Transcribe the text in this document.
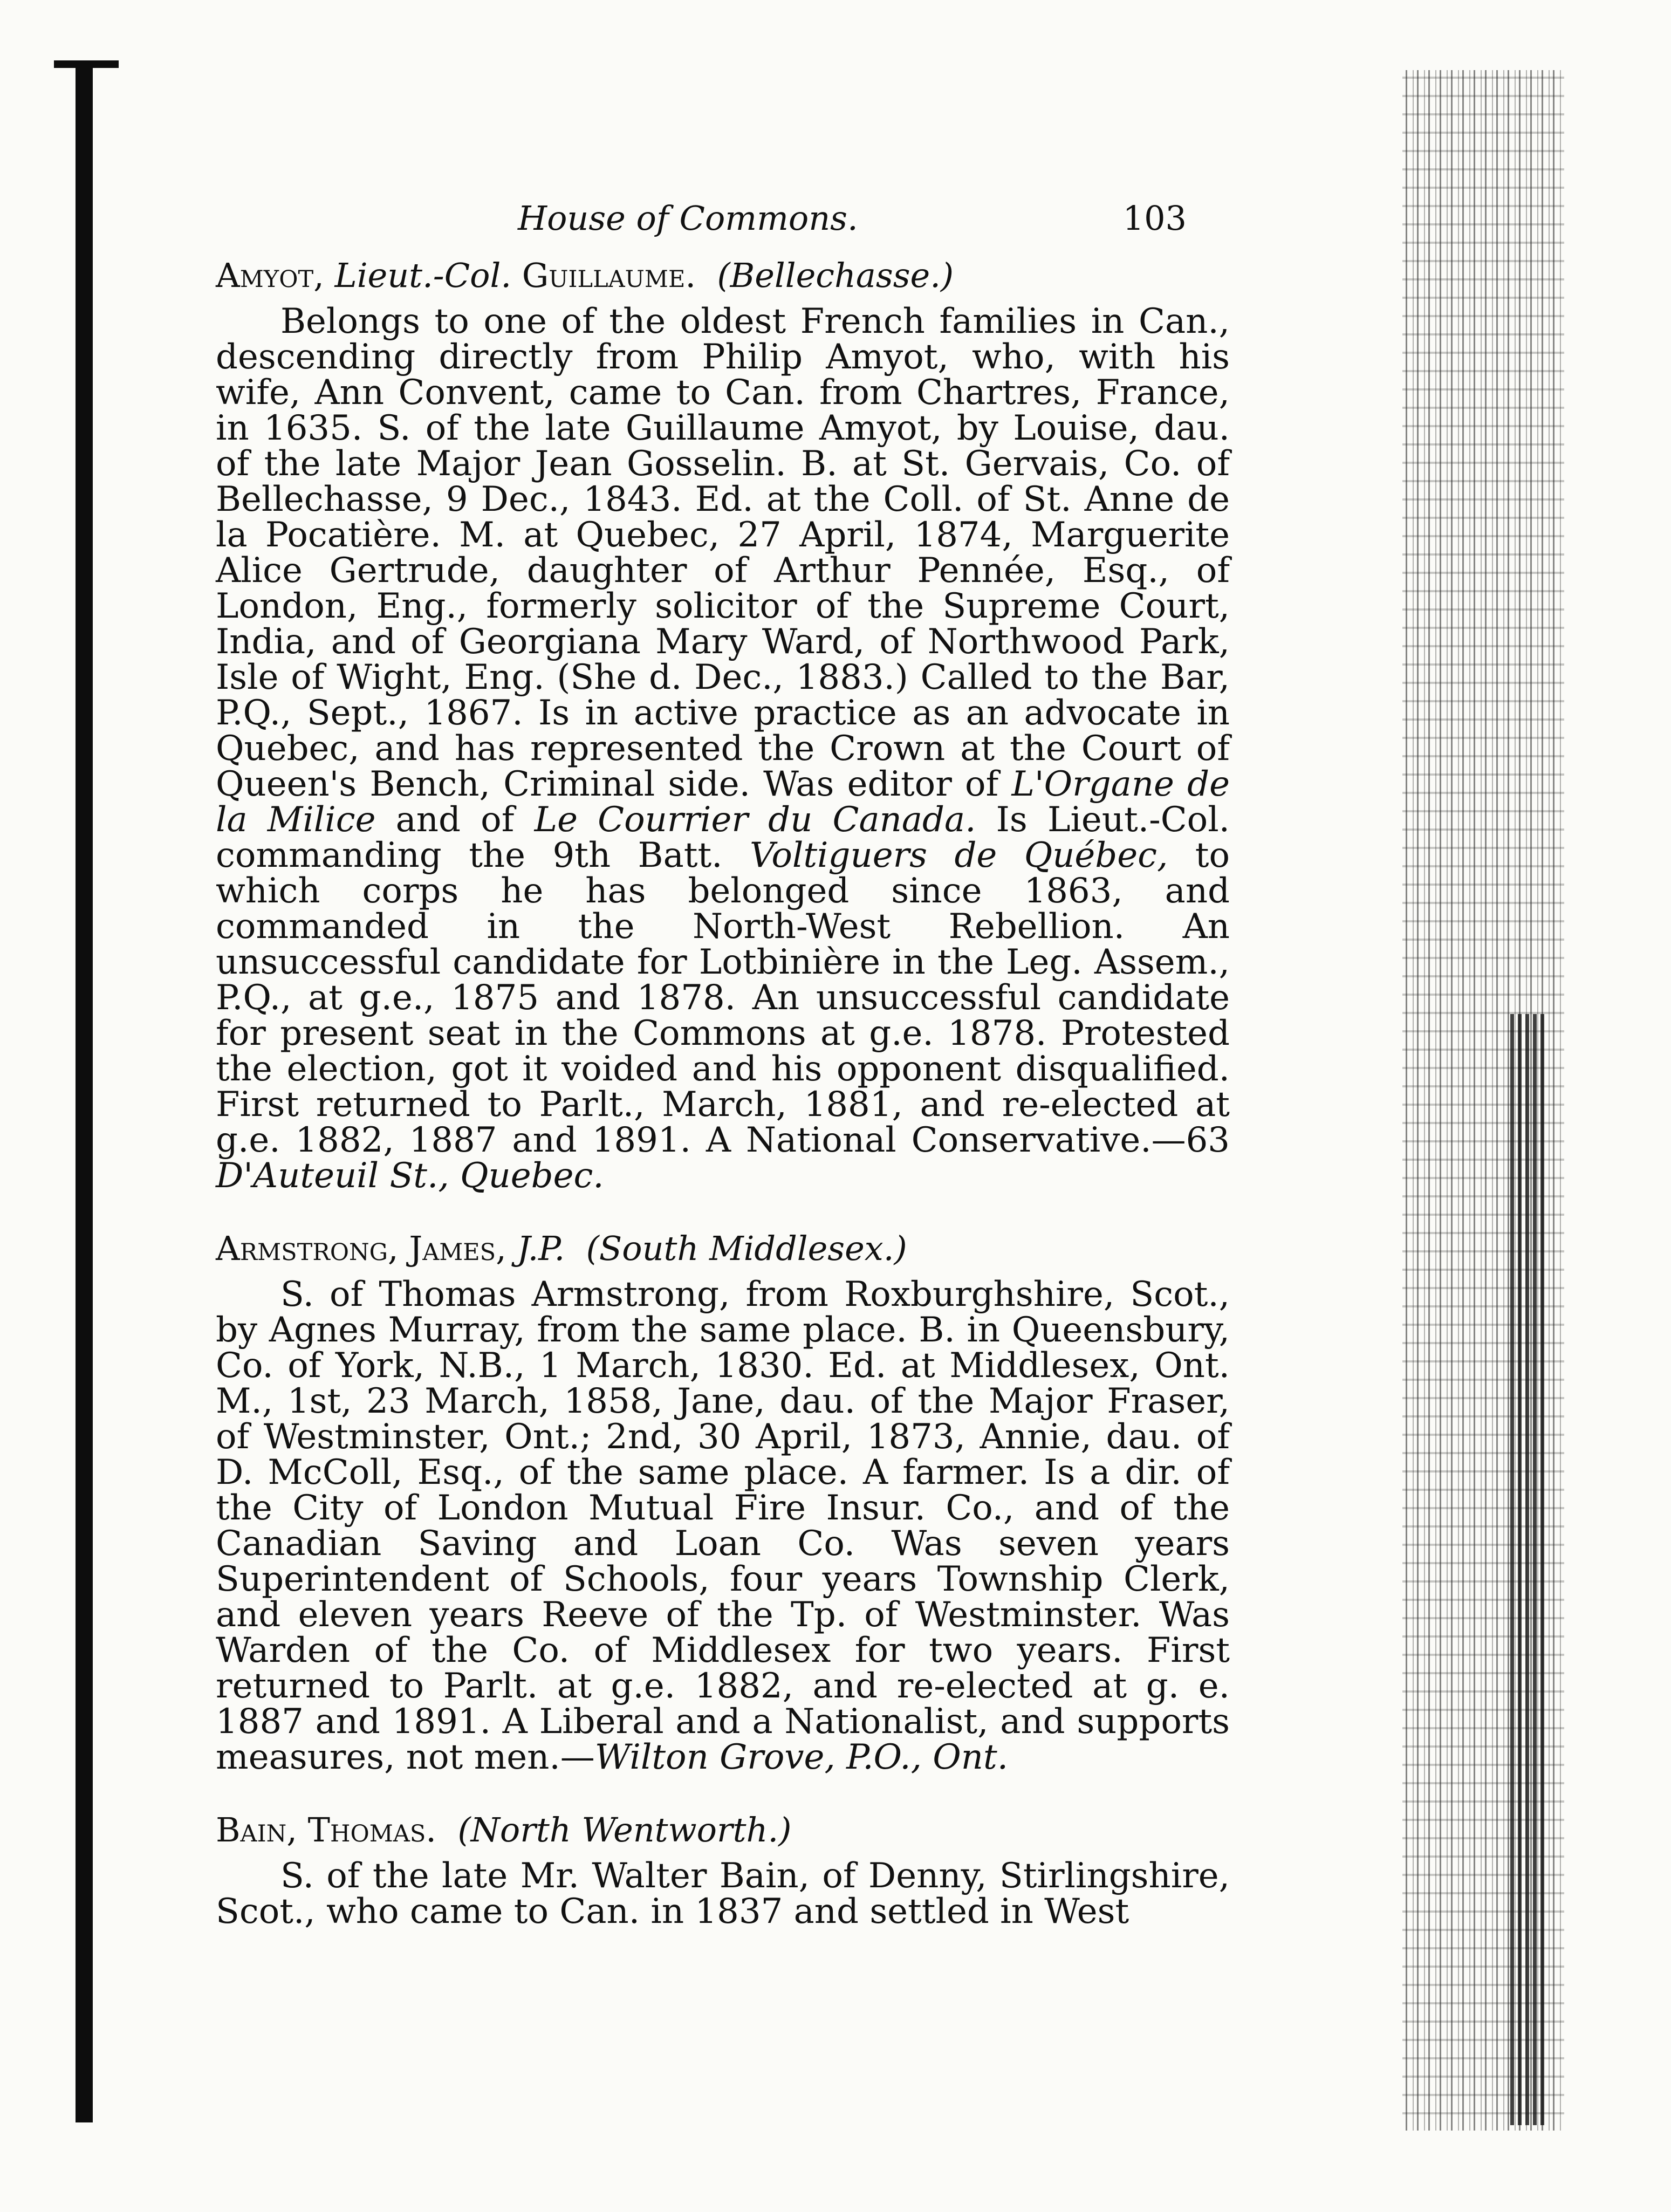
House of Commons.	103

Amyot, Lieut.-Col. Guillaume.  (Bellechasse.)

Belongs to one of the oldest French families in Can., descending directly from Philip Amyot, who, with his wife, Ann Convent, came to Can. from Chartres, France, in 1635. S. of the late Guillaume Amyot, by Louise, dau. of the late Major Jean Gosselin. B. at St. Gervais, Co. of Bellechasse, 9 Dec., 1843. Ed. at the Coll. of St. Anne de la Pocatière. M. at Quebec, 27 April, 1874, Marguerite Alice Gertrude, daughter of Arthur Pennée, Esq., of London, Eng., formerly solicitor of the Supreme Court, India, and of Georgiana Mary Ward, of Northwood Park, Isle of Wight, Eng. (She d. Dec., 1883.) Called to the Bar, P.Q., Sept., 1867. Is in active practice as an advocate in Quebec, and has represented the Crown at the Court of Queen's Bench, Criminal side. Was editor of L'Organe de la Milice and of Le Courrier du Canada. Is Lieut.-Col. commanding the 9th Batt. Voltiguers de Québec, to which corps he has belonged since 1863, and commanded in the North-West Rebellion. An unsuccessful candidate for Lotbinière in the Leg. Assem., P.Q., at g.e., 1875 and 1878. An unsuccessful candidate for present seat in the Commons at g.e. 1878. Protested the election, got it voided and his opponent disqualified. First returned to Parlt., March, 1881, and re-elected at g.e. 1882, 1887 and 1891. A National Conservative.—63 D'Auteuil St., Quebec.

Armstrong, James, J.P. (South Middlesex.)

S. of Thomas Armstrong, from Roxburghshire, Scot., by Agnes Murray, from the same place. B. in Queensbury, Co. of York, N.B., 1 March, 1830. Ed. at Middlesex, Ont. M., 1st, 23 March, 1858, Jane, dau. of the Major Fraser, of Westminster, Ont.; 2nd, 30 April, 1873, Annie, dau. of D. McColl, Esq., of the same place. A farmer. Is a dir. of the City of London Mutual Fire Insur. Co., and of the Canadian Saving and Loan Co. Was seven years Superintendent of Schools, four years Township Clerk, and eleven years Reeve of the Tp. of Westminster. Was Warden of the Co. of Middlesex for two years. First returned to Parlt. at g.e. 1882, and re-elected at g. e. 1887 and 1891. A Liberal and a Nationalist, and supports measures, not men.—Wilton Grove, P.O., Ont.

Bain, Thomas. (North Wentworth.)

S. of the late Mr. Walter Bain, of Denny, Stirlingshire, Scot., who came to Can. in 1837 and settled in West
